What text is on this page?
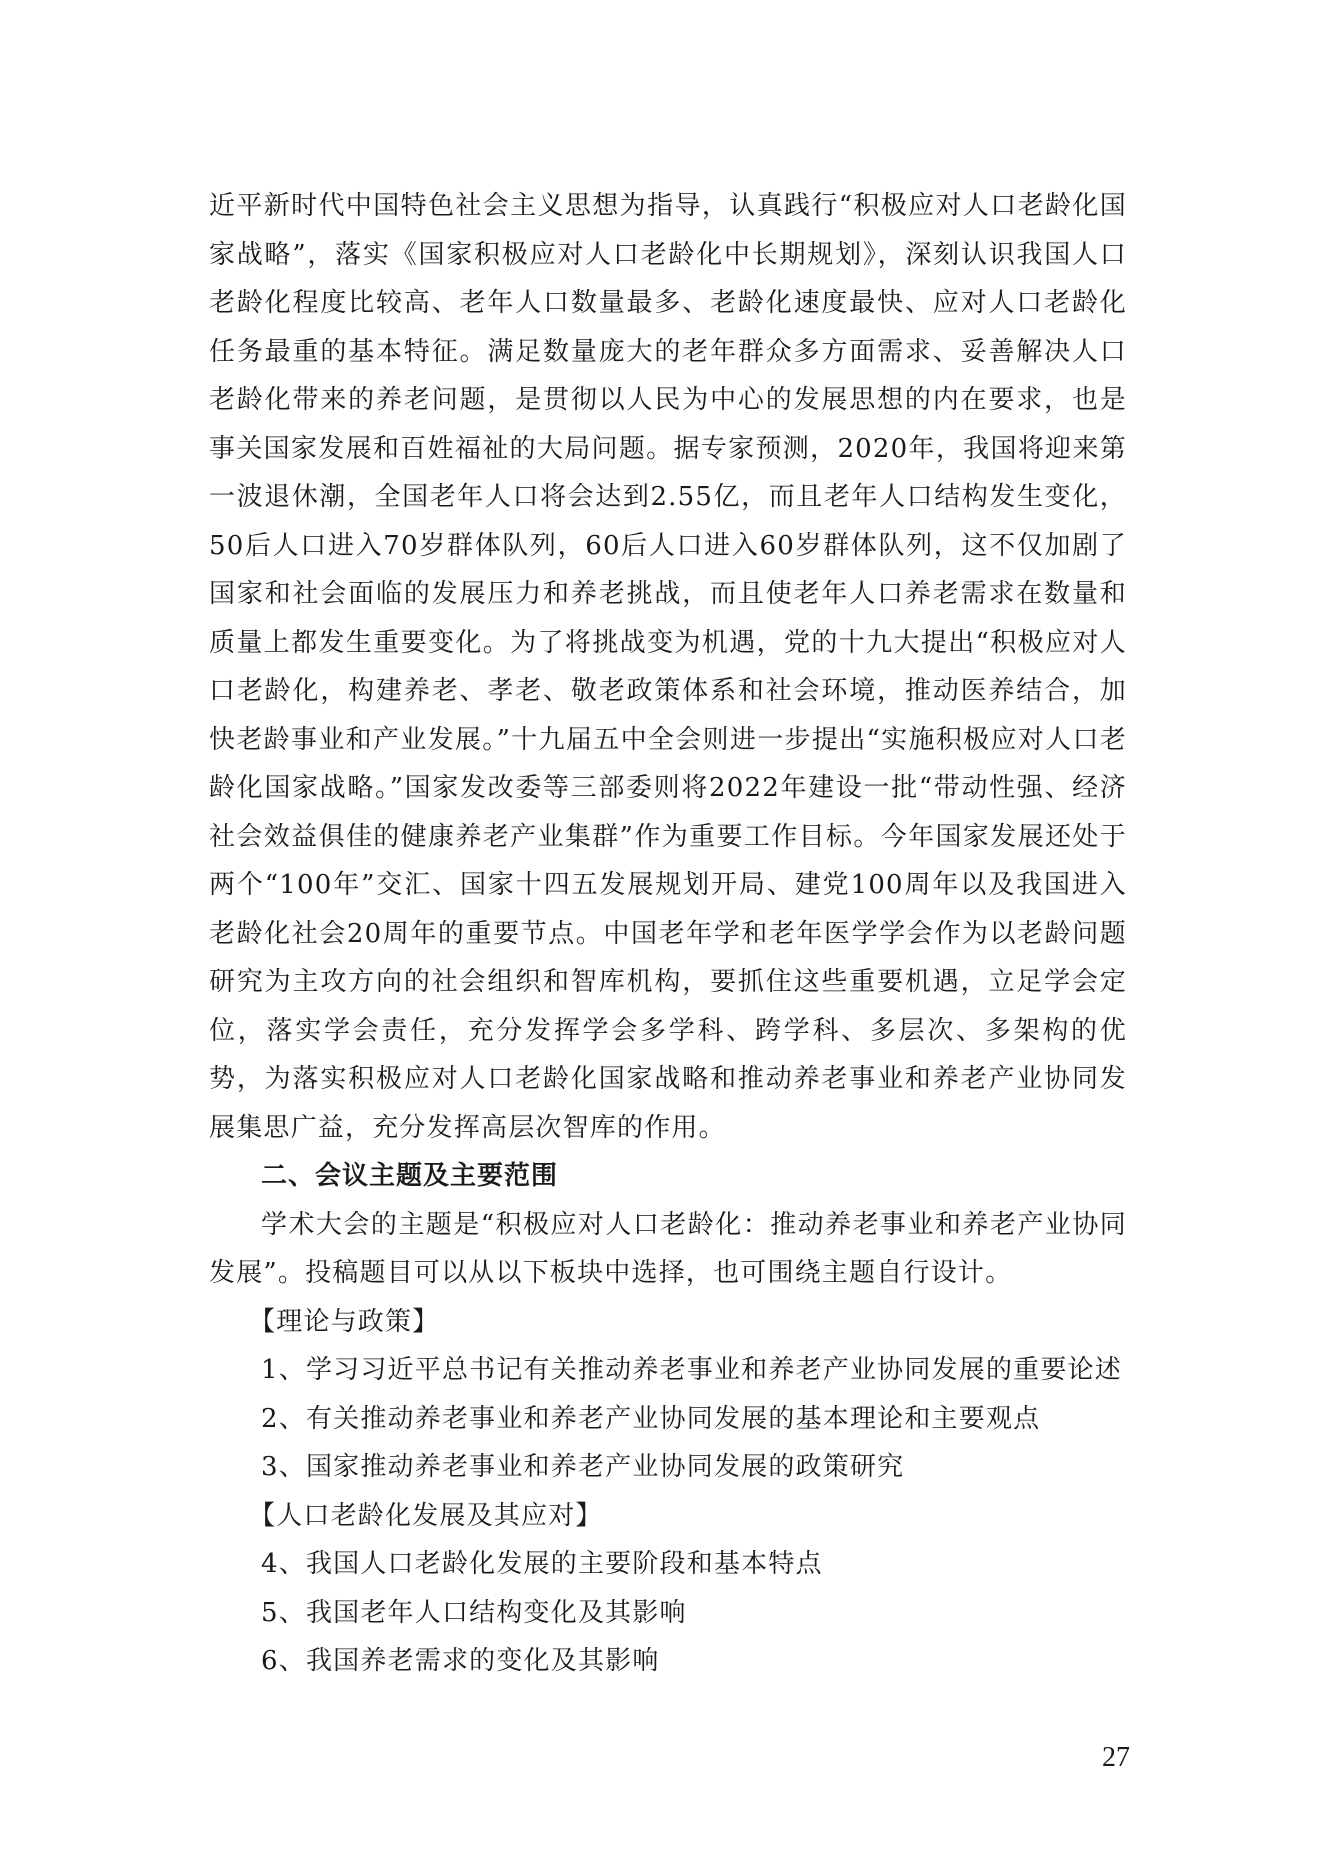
近平新时代中国特色社会主义思想为指导，认真践行“积极应对人口老龄化国家战略”，落实《国家积极应对人口老龄化中长期规划》，深刻认识我国人口老龄化程度比较高、老年人口数量最多、老龄化速度最快、应对人口老龄化任务最重的基本特征。满足数量庞大的老年群众多方面需求、妥善解决人口老龄化带来的养老问题，是贯彻以人民为中心的发展思想的内在要求，也是事关国家发展和百姓福祉的大局问题。据专家预测，2020年，我国将迎来第一波退休潮，全国老年人口将会达到2.55亿，而且老年人口结构发生变化，50后人口进入70岁群体队列，60后人口进入60岁群体队列，这不仅加剧了国家和社会面临的发展压力和养老挑战，而且使老年人口养老需求在数量和质量上都发生重要变化。为了将挑战变为机遇，党的十九大提出“积极应对人口老龄化，构建养老、孝老、敬老政策体系和社会环境，推动医养结合，加快老龄事业和产业发展。”十九届五中全会则进一步提出“实施积极应对人口老龄化国家战略。”国家发改委等三部委则将2022年建设一批“带动性强、经济社会效益俱佳的健康养老产业集群”作为重要工作目标。今年国家发展还处于两个“100年”交汇、国家十四五发展规划开局、建党100周年以及我国进入老龄化社会20周年的重要节点。中国老年学和老年医学学会作为以老龄问题研究为主攻方向的社会组织和智库机构，要抓住这些重要机遇，立足学会定位，落实学会责任，充分发挥学会多学科、跨学科、多层次、多架构的优势，为落实积极应对人口老龄化国家战略和推动养老事业和养老产业协同发展集思广益，充分发挥高层次智库的作用。

二、会议主题及主要范围

学术大会的主题是“积极应对人口老龄化：推动养老事业和养老产业协同发展”。投稿题目可以从以下板块中选择，也可围绕主题自行设计。

【理论与政策】
1、学习习近平总书记有关推动养老事业和养老产业协同发展的重要论述
2、有关推动养老事业和养老产业协同发展的基本理论和主要观点
3、国家推动养老事业和养老产业协同发展的政策研究
【人口老龄化发展及其应对】
4、我国人口老龄化发展的主要阶段和基本特点
5、我国老年人口结构变化及其影响
6、我国养老需求的变化及其影响
27
